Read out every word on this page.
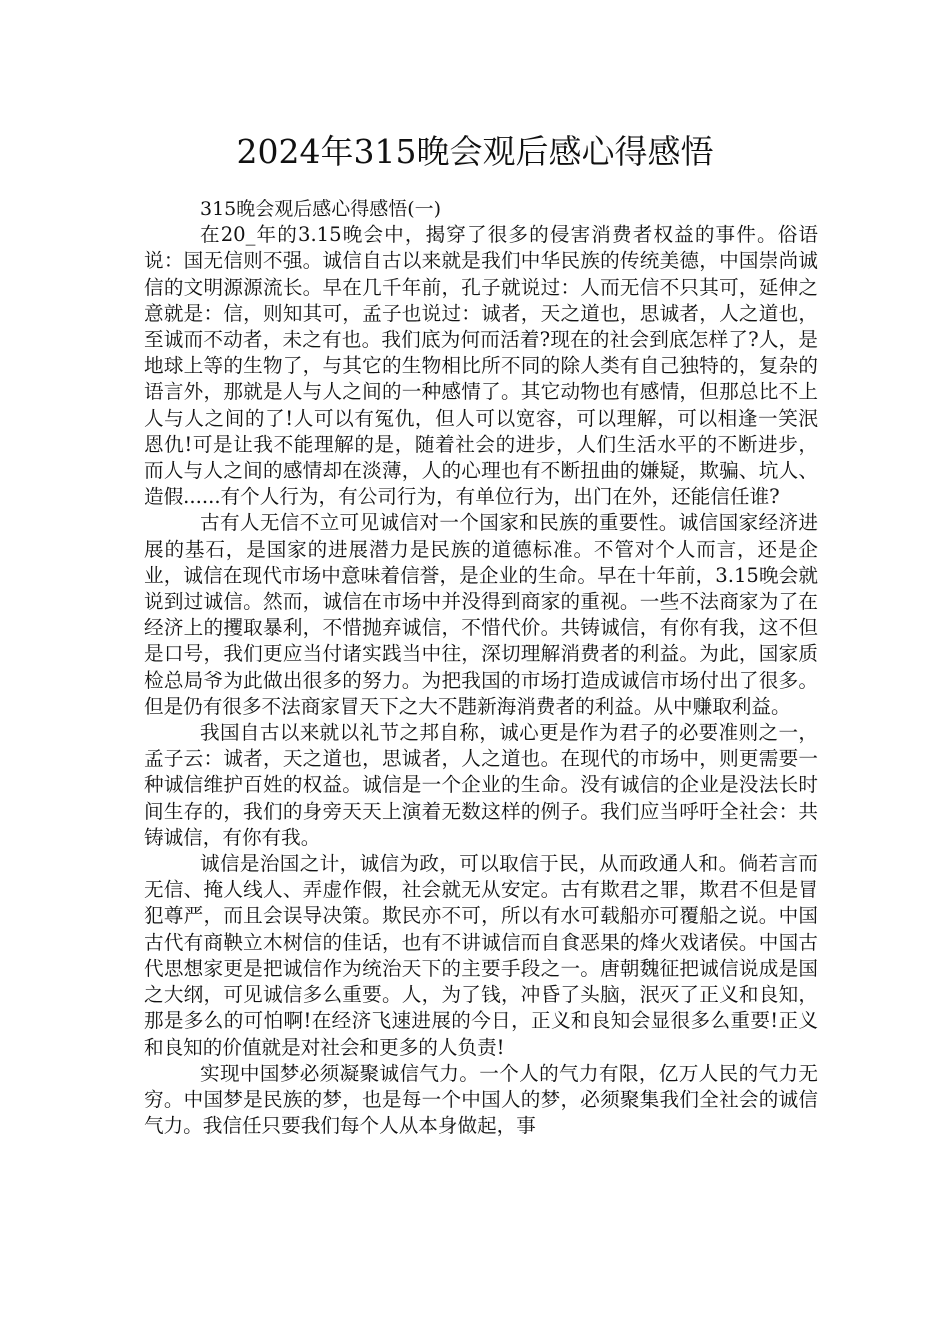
2024年315晚会观后感心得感悟

315晚会观后感心得感悟(一)

在20_年的3.15晚会中，揭穿了很多的侵害消费者权益的事件。俗语说：国无信则不强。诚信自古以来就是我们中华民族的传统美德，中国崇尚诚信的文明源源流长。早在几千年前，孔子就说过：人而无信不只其可，延伸之意就是：信，则知其可，孟子也说过：诚者，天之道也，思诚者，人之道也，至诚而不动者，未之有也。我们底为何而活着?现在的社会到底怎样了?人，是地球上等的生物了，与其它的生物相比所不同的除人类有自己独特的，复杂的语言外，那就是人与人之间的一种感情了。其它动物也有感情，但那总比不上人与人之间的了!人可以有冤仇，但人可以宽容，可以理解，可以相逢一笑泯恩仇!可是让我不能理解的是，随着社会的进步，人们生活水平的不断进步，而人与人之间的感情却在淡薄，人的心理也有不断扭曲的嫌疑，欺骗、坑人、造假......有个人行为，有公司行为，有单位行为，出门在外，还能信任谁?

古有人无信不立可见诚信对一个国家和民族的重要性。诚信国家经济进展的基石，是国家的进展潜力是民族的道德标准。不管对个人而言，还是企业，诚信在现代市场中意味着信誉，是企业的生命。早在十年前，3.15晚会就说到过诚信。然而，诚信在市场中并没得到商家的重视。一些不法商家为了在经济上的攫取暴利，不惜抛弃诚信，不惜代价。共铸诚信，有你有我，这不但是口号，我们更应当付诸实践当中往，深切理解消费者的利益。为此，国家质检总局爷为此做出很多的努力。为把我国的市场打造成诚信市场付出了很多。但是仍有很多不法商家冒天下之大不韪新海消费者的利益。从中赚取利益。

我国自古以来就以礼节之邦自称，诚心更是作为君子的必要准则之一，孟子云：诚者，天之道也，思诚者，人之道也。在现代的市场中，则更需要一种诚信维护百姓的权益。诚信是一个企业的生命。没有诚信的企业是没法长时间生存的，我们的身旁天天上演着无数这样的例子。我们应当呼吁全社会：共铸诚信，有你有我。

诚信是治国之计，诚信为政，可以取信于民，从而政通人和。倘若言而无信、掩人线人、弄虚作假，社会就无从安定。古有欺君之罪，欺君不但是冒犯尊严，而且会误导决策。欺民亦不可，所以有水可载船亦可覆船之说。中国古代有商鞅立木树信的佳话，也有不讲诚信而自食恶果的烽火戏诸侯。中国古代思想家更是把诚信作为统治天下的主要手段之一。唐朝魏征把诚信说成是国之大纲，可见诚信多么重要。人，为了钱，冲昏了头脑，泯灭了正义和良知，那是多么的可怕啊!在经济飞速进展的今日，正义和良知会显很多么重要!正义和良知的价值就是对社会和更多的人负责!

实现中国梦必须凝聚诚信气力。一个人的气力有限，亿万人民的气力无穷。中国梦是民族的梦，也是每一个中国人的梦，必须聚集我们全社会的诚信气力。我信任只要我们每个人从本身做起，事
